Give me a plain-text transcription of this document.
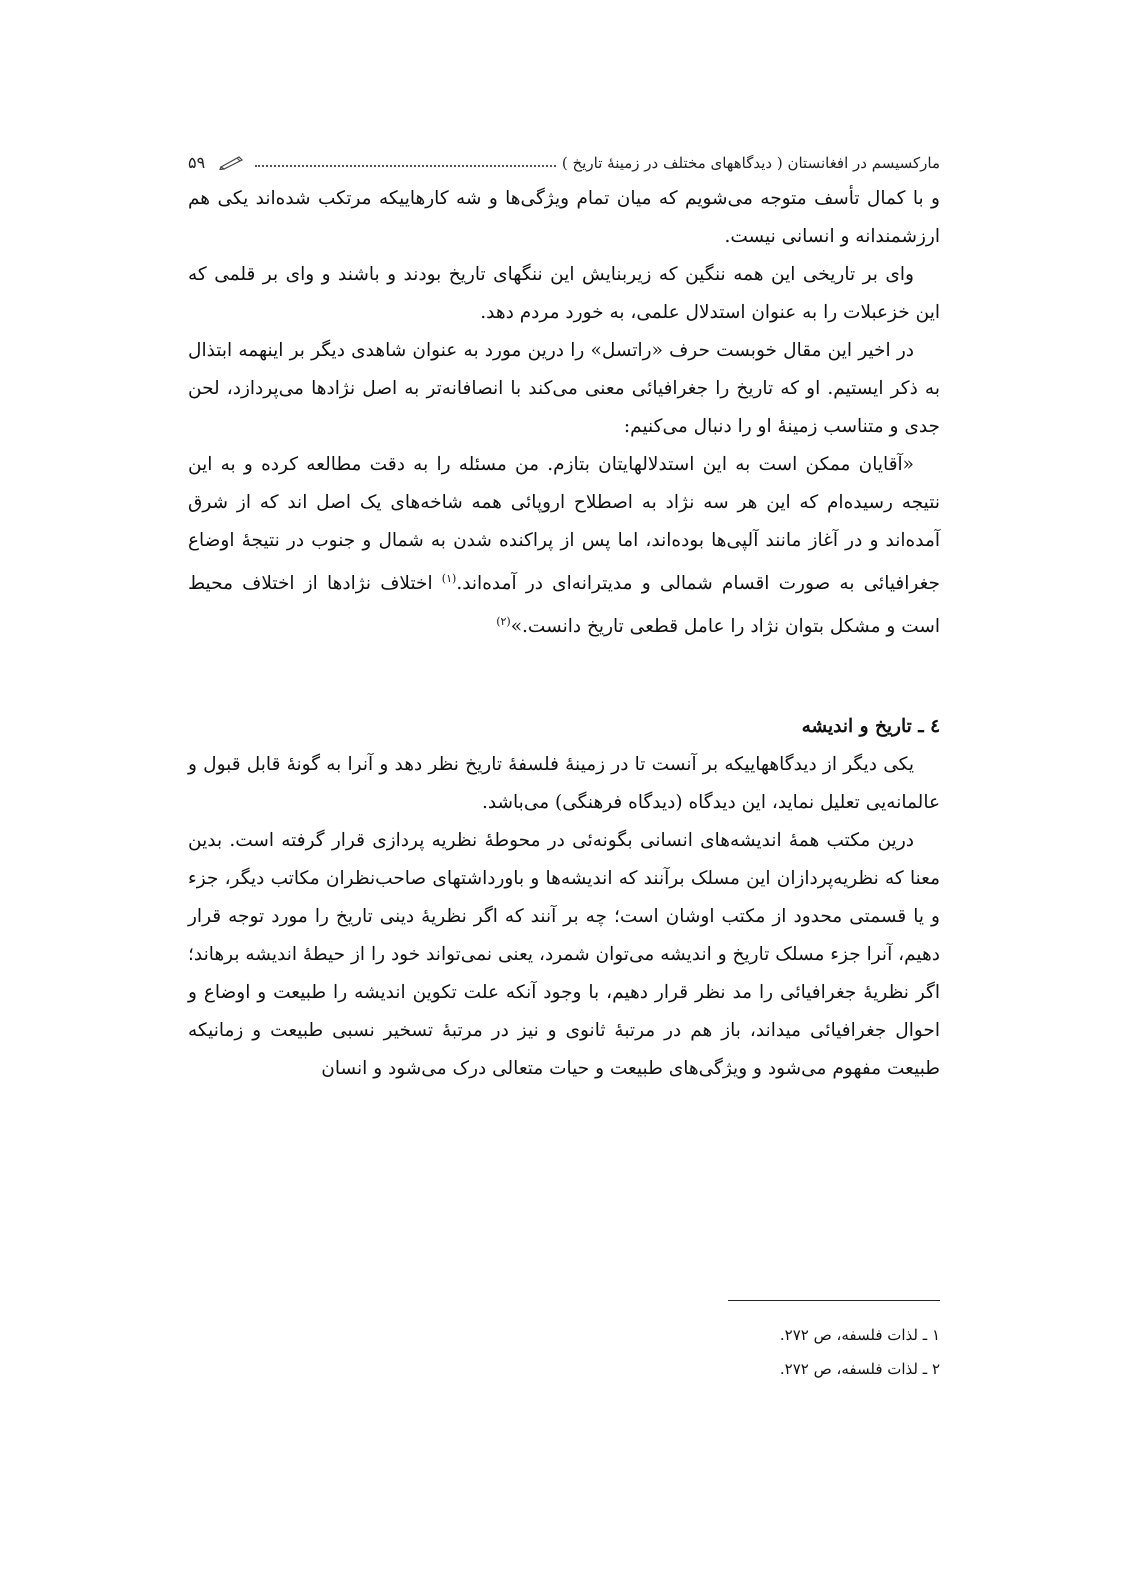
مارکسیسم در افغانستان ( دیدگاههای مختلف در زمینۀ تاریخ )
۵۹

و با کمال تأسف متوجه می‌شویم که میان تمام ویژگی‌ها و شه کارهاییکه مرتکب شده‌اند یکی هم ارزشمندانه و انسانی نیست.

وای بر تاریخی این همه ننگین که زیربنایش این ننگهای تاریخ بودند و باشند و وای بر قلمی که این خزعبلات را به عنوان استدلال علمی، به خورد مردم دهد.

در اخیر این مقال خوبست حرف «راتسل» را درین مورد به عنوان شاهدی دیگر بر اینهمه ابتذال به ذکر ایستیم. او که تاریخ را جغرافیائی معنی می‌کند با انصافانه‌تر به اصل نژادها می‌پردازد، لحن جدی و متناسب زمینۀ او را دنبال می‌کنیم:

«آقایان ممکن است به این استدلالهایتان بتازم. من مسئله را به دقت مطالعه کرده و به این نتیجه رسیده‌ام که این هر سه نژاد به اصطلاح اروپائی همه شاخه‌های یک اصل اند که از شرق آمده‌اند و در آغاز مانند آلپی‌ها بوده‌اند، اما پس از پراکنده شدن به شمال و جنوب در نتیجۀ اوضاع جغرافیائی به صورت اقسام شمالی و مدیترانه‌ای در آمده‌اند.$^{(۱)}$ اختلاف نژادها از اختلاف محیط است و مشکل بتوان نژاد را عامل قطعی تاریخ دانست.»$^{(۲)}$

٤ ـ تاریخ و اندیشه

یکی دیگر از دیدگاههاییکه بر آنست تا در زمینۀ فلسفۀ تاریخ نظر دهد و آنرا به گونۀ قابل قبول و عالمانه‌یی تعلیل نماید، این دیدگاه (دیدگاه فرهنگی) می‌باشد.

درین مکتب همۀ اندیشه‌های انسانی بگونه‌ئی در محوطۀ نظریه پردازی قرار گرفته است. بدین معنا که نظریه‌پردازان این مسلک برآنند که اندیشه‌ها و باورداشتهای صاحب‌نظران مکاتب دیگر، جزء و یا قسمتی محدود از مکتب اوشان است؛ چه بر آنند که اگر نظریۀ دینی تاریخ را مورد توجه قرار دهیم، آنرا جزء مسلک تاریخ و اندیشه می‌توان شمرد، یعنی نمی‌تواند خود را از حیطۀ اندیشه برهاند؛ اگر نظریۀ جغرافیائی را مد نظر قرار دهیم، با وجود آنکه علت تکوین اندیشه را طبیعت و اوضاع و احوال جغرافیائی میداند، باز هم در مرتبۀ ثانوی و نیز در مرتبۀ تسخیر نسبی طبیعت و زمانیکه طبیعت مفهوم می‌شود و ویژگی‌های طبیعت و حیات متعالی درک می‌شود و انسان

۱ ـ لذات فلسفه، ص ۲۷۲.

۲ ـ لذات فلسفه، ص ۲۷۲.
